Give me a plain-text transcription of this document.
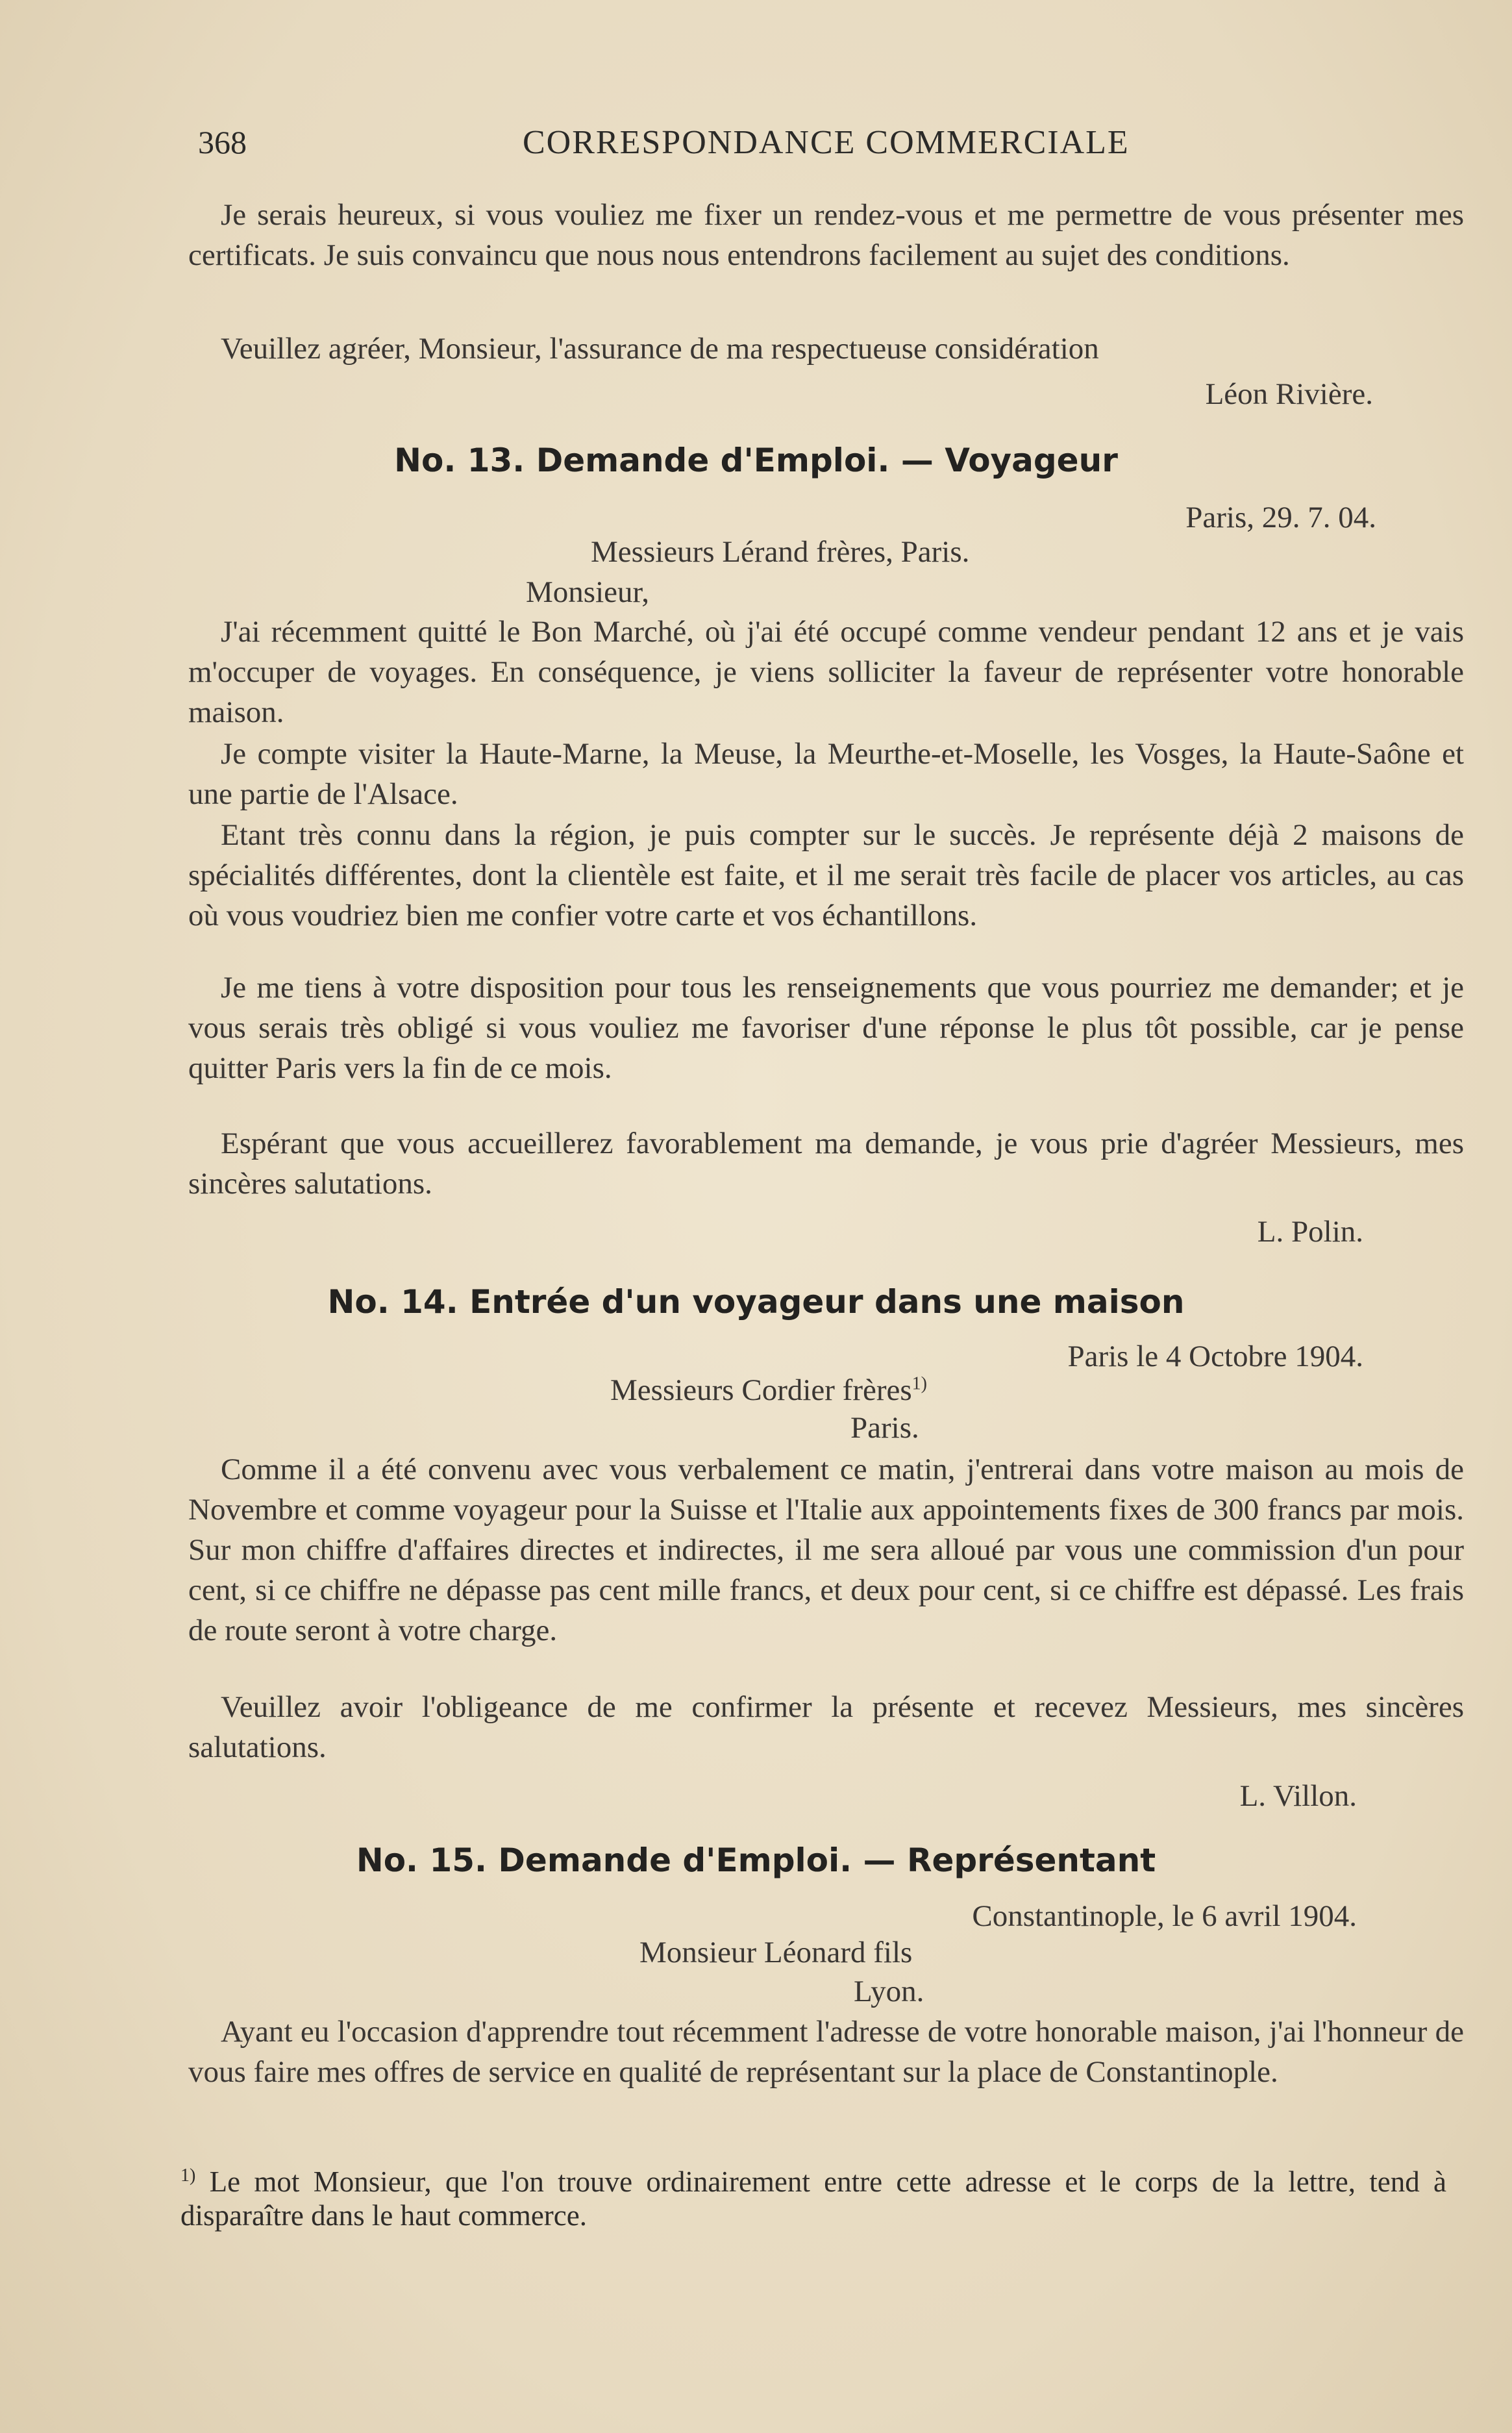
368	CORRESPONDANCE COMMERCIALE
Je serais heureux, si vous vouliez me fixer un rendez-vous et me permettre de vous présenter mes certificats. Je suis convaincu que nous nous entendrons facilement au sujet des conditions.
Veuillez agréer, Monsieur, l'assurance de ma respectueuse considération
Léon Rivière.
No. 13. Demande d'Emploi. — Voyageur
Paris, 29. 7. 04.
Messieurs Lérand frères, Paris.
Monsieur,
J'ai récemment quitté le Bon Marché, où j'ai été occupé comme vendeur pendant 12 ans et je vais m'occuper de voyages. En conséquence, je viens solliciter la faveur de représenter votre honorable maison.
Je compte visiter la Haute-Marne, la Meuse, la Meurthe-et-Moselle, les Vosges, la Haute-Saône et une partie de l'Alsace.
Etant très connu dans la région, je puis compter sur le succès. Je représente déjà 2 maisons de spécialités différentes, dont la clientèle est faite, et il me serait très facile de placer vos articles, au cas où vous voudriez bien me confier votre carte et vos échantillons.
Je me tiens à votre disposition pour tous les renseignements que vous pourriez me demander; et je vous serais très obligé si vous vouliez me favoriser d'une réponse le plus tôt possible, car je pense quitter Paris vers la fin de ce mois.
Espérant que vous accueillerez favorablement ma demande, je vous prie d'agréer Messieurs, mes sincères salutations.
L. Polin.
No. 14. Entrée d'un voyageur dans une maison
Paris le 4 Octobre 1904.
Messieurs Cordier frères$^{1)}$
Paris.
Comme il a été convenu avec vous verbalement ce matin, j'entrerai dans votre maison au mois de Novembre et comme voyageur pour la Suisse et l'Italie aux appointements fixes de 300 francs par mois. Sur mon chiffre d'affaires directes et indirectes, il me sera alloué par vous une commission d'un pour cent, si ce chiffre ne dépasse pas cent mille francs, et deux pour cent, si ce chiffre est dépassé. Les frais de route seront à votre charge.
Veuillez avoir l'obligeance de me confirmer la présente et recevez Messieurs, mes sincères salutations.
L. Villon.
No. 15. Demande d'Emploi. — Représentant
Constantinople, le 6 avril 1904.
Monsieur Léonard fils
Lyon.
Ayant eu l'occasion d'apprendre tout récemment l'adresse de votre honorable maison, j'ai l'honneur de vous faire mes offres de service en qualité de représentant sur la place de Constantinople.
$^{1)}$ Le mot Monsieur, que l'on trouve ordinairement entre cette adresse et le corps de la lettre, tend à disparaître dans le haut commerce.
